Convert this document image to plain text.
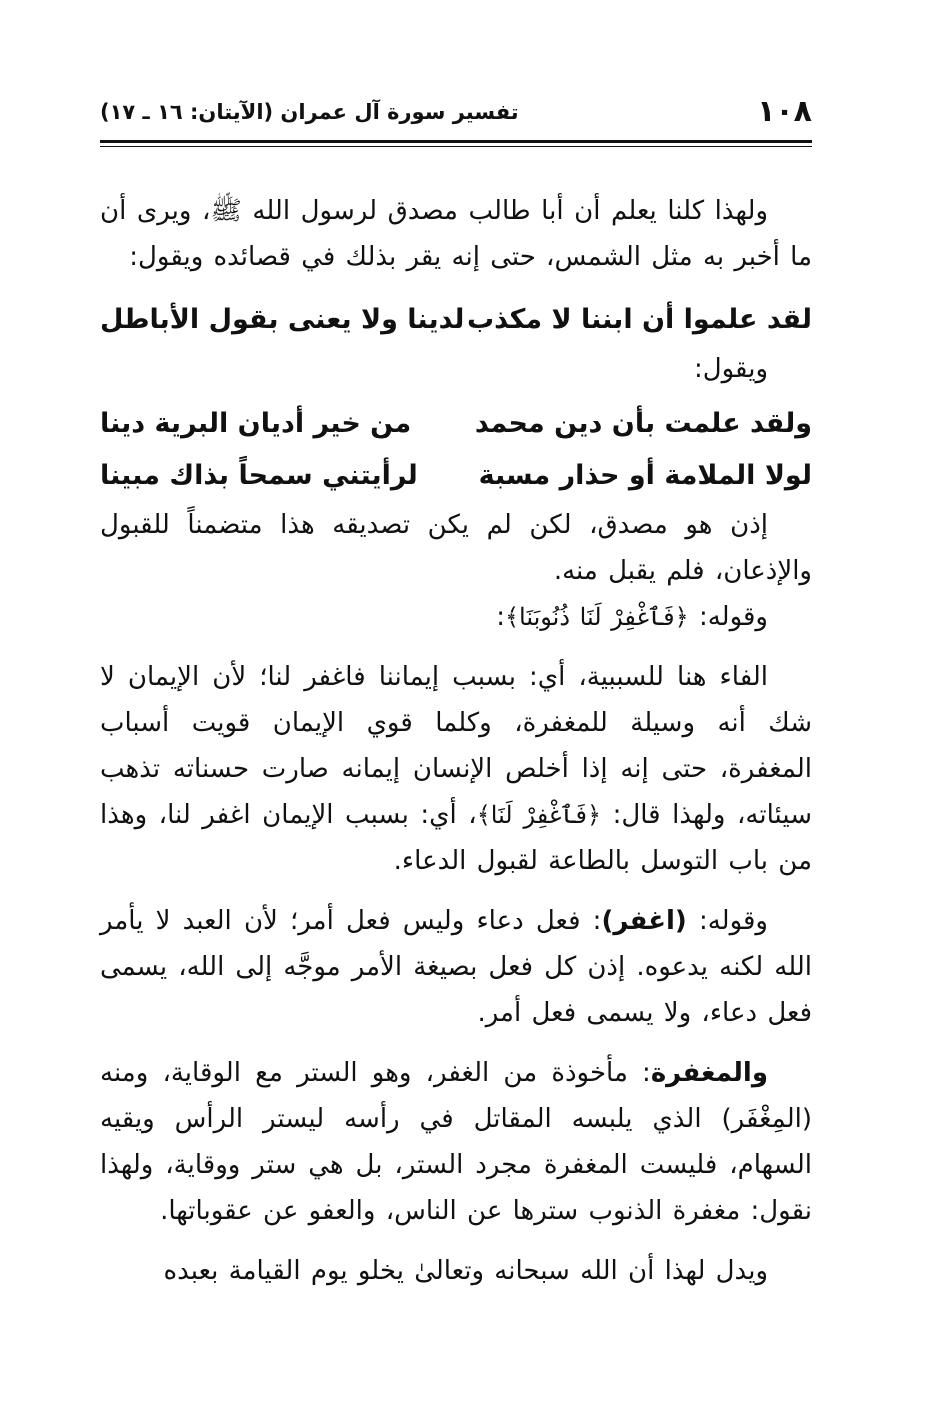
١٠٨
تفسير سورة آل عمران (الآيتان: ١٦ ـ ١٧)

ولهذا كلنا يعلم أن أبا طالب مصدق لرسول الله ﷺ، ويرى أن ما أخبر به مثل الشمس، حتى إنه يقر بذلك في قصائده ويقول:

لقد علموا أن ابننا لا مكذب
لدينا ولا يعنى بقول الأباطل

ويقول:

ولقد علمت بأن دين محمد
من خير أديان البرية دينا
لولا الملامة أو حذار مسبة
لرأيتني سمحاً بذاك مبينا

إذن هو مصدق، لكن لم يكن تصديقه هذا متضمناً للقبول والإذعان، فلم يقبل منه.

وقوله: ﴿فَٱغْفِرْ لَنَا ذُنُوبَنَا﴾:

الفاء هنا للسببية، أي: بسبب إيماننا فاغفر لنا؛ لأن الإيمان لا شك أنه وسيلة للمغفرة، وكلما قوي الإيمان قويت أسباب المغفرة، حتى إنه إذا أخلص الإنسان إيمانه صارت حسناته تذهب سيئاته، ولهذا قال: ﴿فَٱغْفِرْ لَنَا﴾، أي: بسبب الإيمان اغفر لنا، وهذا من باب التوسل بالطاعة لقبول الدعاء.

وقوله: (اغفر): فعل دعاء وليس فعل أمر؛ لأن العبد لا يأمر الله لكنه يدعوه. إذن كل فعل بصيغة الأمر موجَّه إلى الله، يسمى فعل دعاء، ولا يسمى فعل أمر.

والمغفرة: مأخوذة من الغفر، وهو الستر مع الوقاية، ومنه (المِغْفَر) الذي يلبسه المقاتل في رأسه ليستر الرأس ويقيه السهام، فليست المغفرة مجرد الستر، بل هي ستر ووقاية، ولهذا نقول: مغفرة الذنوب سترها عن الناس، والعفو عن عقوباتها.

ويدل لهذا أن الله سبحانه وتعالىٰ يخلو يوم القيامة بعبده
